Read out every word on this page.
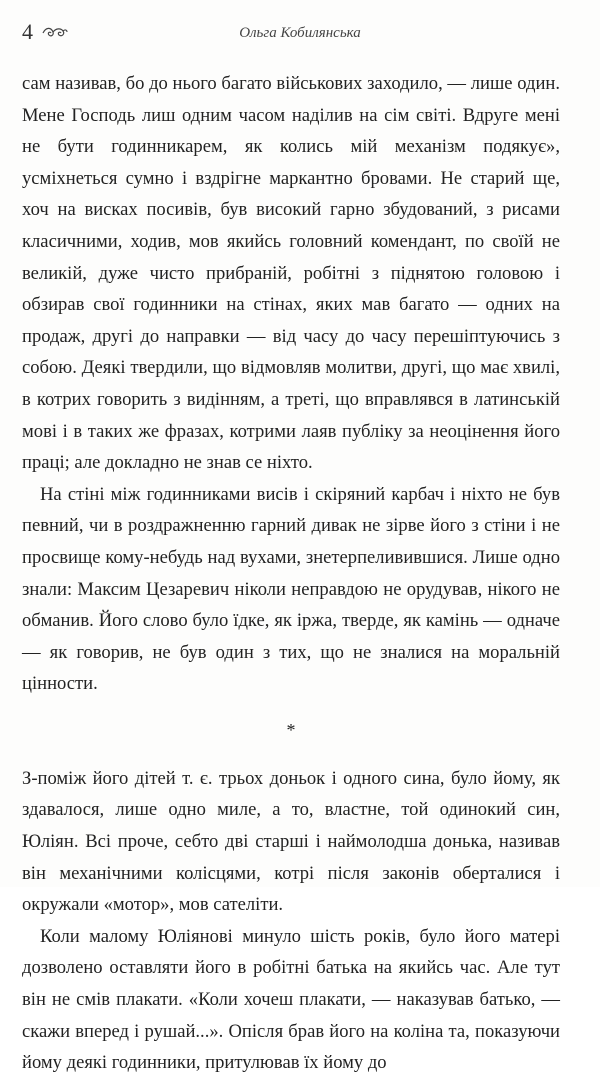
4	Ольга Кобилянська

сам називав, бо до нього багато військових заходило, — лише один. Мене Господь лиш одним часом наділив на сім світі. Вдруге мені не бути годинникарем, як колись мій механізм подякує», усміхнеться сумно і вздрігне маркантно бровами. Не старий ще, хоч на висках посивів, був високий гарно збудований, з рисами класичними, ходив, мов якийсь головний комендант, по своїй не великій, дуже чисто прибраній, робітні з піднятою головою і обзирав свої годинники на стінах, яких мав багато — одних на продаж, другі до направки — від часу до часу перешіптуючись з собою. Деякі твердили, що відмовляв молитви, другі, що має хвилі, в котрих говорить з видінням, а треті, що вправлявся в латинській мові і в таких же фразах, котрими лаяв публіку за неоцінення його праці; але докладно не знав се ніхто.

На стіні між годинниками висів і скіряний карбач і ніхто не був певний, чи в роздражненню гарний дивак не зірве його з стіни і не просвище кому-небудь над вухами, знетерпеливившися. Лише одно знали: Максим Цезаревич ніколи неправдою не орудував, нікого не обманив. Його слово було їдке, як іржа, тверде, як камінь — одначе — як говорив, не був один з тих, що не зналися на моральній цінности.

*

З-поміж його дітей т. є. трьох доньок і одного сина, було йому, як здавалося, лише одно миле, а то, властне, той одинокий син, Юліян. Всі проче, себто дві старші і наймолодша донька, називав він механічними колісцями, котрі після законів оберталися і окружали «мотор», мов сателіти.

Коли малому Юліянові минуло шість років, було його матері дозволено оставляти його в робітні батька на якийсь час. Але тут він не смів плакати. «Коли хочеш плакати, — наказував батько, — скажи вперед і рушай...». Опісля брав його на коліна та, показуючи йому деякі годинники, притулював їх йому до
